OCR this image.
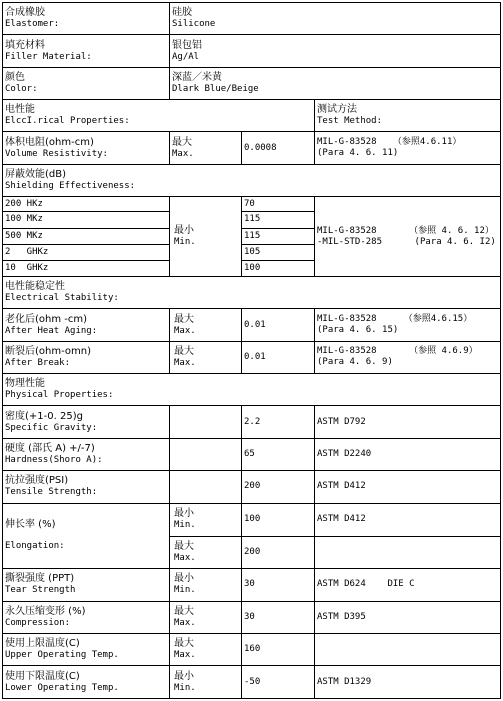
合成橡胶
Elastomer:	硅胶
Silicone		

填充材料
Filler Material:	银包铝
Ag/Al		

颜色
Color:	深蓝／米黄
Dlark Blue/Beige		

电性能
ElccI.rical Properties:			测试方法
Test Method:

体积电阻(ohm-cm)
Volume Resistivity:	最大
Max.	0.0008	MIL-G-83528   （参照4.6.11）
(Para 4. 6. 11)

屏蔽效能(dB)
Shielding Effectiveness:			

200 HKz	最小
Min.	70	MIL-G-83528      （参照 4. 6. 12）
-MIL-STD-285      (Para 4. 6. I2)

100 MKz		115	
500 MKz		115	
2   GHKz		105	
10  GHKz		100	

电性能稳定性
Electrical Stability:			

老化后(ohm -cm)
After Heat Aging:	最大
Max.	0.01	MIL-G-83528     （参照4.6.15）
(Para 4. 6. 15)

断裂后(ohm-omn)
After Break:	最大
Max.	0.01	MIL-G-83528      （参照 4.6.9）
(Para 4. 6. 9)

物理性能
Physical Properties:			

密度(+1-0. 25)g
Specific Gravity:		2.2	ASTM D792

硬度 (部氏 A) +/-7)
Hardness(Shoro A):		65	ASTM D2240

抗拉强度(PSI)
Tensile Strength:		200	ASTM D412

伸长率 (%)
Elongation:	最小
Min.	100	ASTM D412

	最大
Max.	200	

撕裂强度 (PPT)
Tear Strength	最小
Min.	30	ASTM D624    DIE C

永久压缩变形 (%)
Compression:	最大
Max.	30	ASTM D395

使用上限温度(C)
Upper Operating Temp.	最大
Max.	160	

使用下限温度(C)
Lower Operating Temp.	最小
Min.	-50	ASTM D1329
